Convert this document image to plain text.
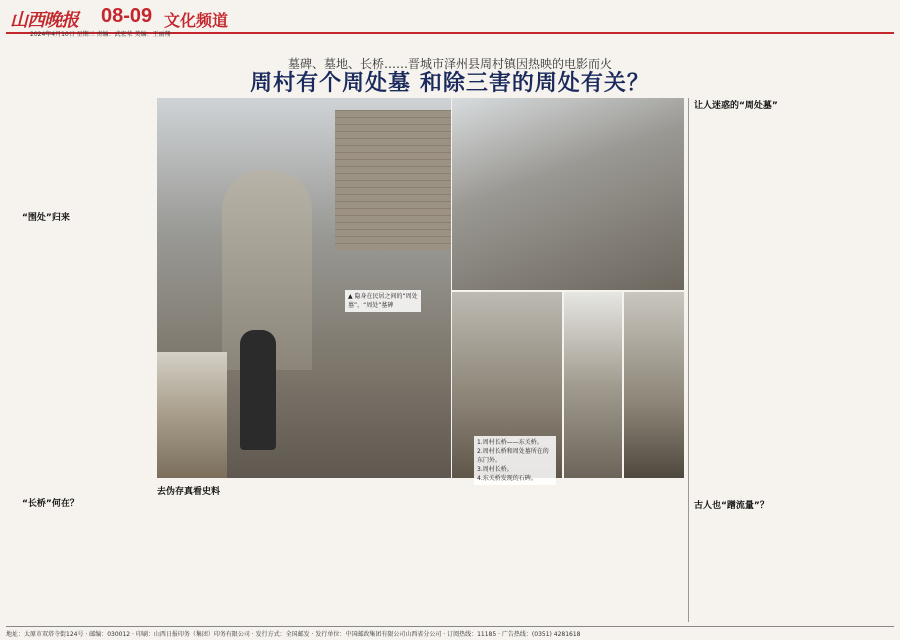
山西晚报 08-09 文化频道
2024年4月10日 星期三 责编：武宏荣 美编：王丽翔
墓碑、墓地、长桥……晋城市泽州县周村镇因热映的电影而火
周村有个周处墓 和除三害的周处有关？
“围处”归来
“长桥”何在？
▲ 隐身在民居之间的“周处墓”，“周处”墓碑
1.周村长桥——东关桥。
2.周村长桥和周处墓所在的东门外。
3.周村长桥。
4.东关桥发现的石碑。
去伪存真看史料
让人迷惑的“周处墓”
古人也“蹭流量”？
地址：太原市双塔寺街124号 · 邮编：030012 · 印刷：山西日报印务（集团）印务有限公司 · 发行方式：全国邮发 · 发行单位：中国邮政集团有限公司山西省分公司 · 订阅热线：11185 · 广告热线：(0351) 4281618
